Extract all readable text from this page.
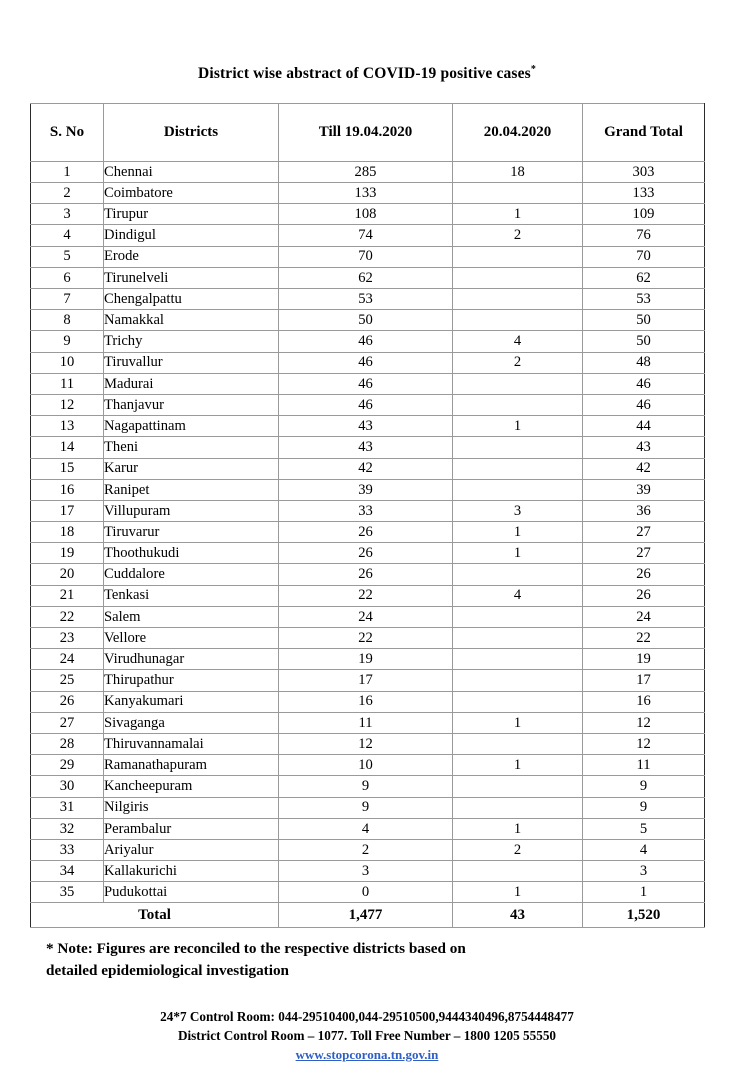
District wise abstract of COVID-19 positive cases*
S. No	Districts	Till 19.04.2020	20.04.2020	Grand Total
1	Chennai	285	18	303
2	Coimbatore	133		133
3	Tirupur	108	1	109
4	Dindigul	74	2	76
5	Erode	70		70
6	Tirunelveli	62		62
7	Chengalpattu	53		53
8	Namakkal	50		50
9	Trichy	46	4	50
10	Tiruvallur	46	2	48
11	Madurai	46		46
12	Thanjavur	46		46
13	Nagapattinam	43	1	44
14	Theni	43		43
15	Karur	42		42
16	Ranipet	39		39
17	Villupuram	33	3	36
18	Tiruvarur	26	1	27
19	Thoothukudi	26	1	27
20	Cuddalore	26		26
21	Tenkasi	22	4	26
22	Salem	24		24
23	Vellore	22		22
24	Virudhunagar	19		19
25	Thirupathur	17		17
26	Kanyakumari	16		16
27	Sivaganga	11	1	12
28	Thiruvannamalai	12		12
29	Ramanathapuram	10	1	11
30	Kancheepuram	9		9
31	Nilgiris	9		9
32	Perambalur	4	1	5
33	Ariyalur	2	2	4
34	Kallakurichi	3		3
35	Pudukottai	0	1	1
Total		1,477	43	1,520
* Note: Figures are reconciled to the respective districts based on
detailed epidemiological investigation
24*7 Control Room: 044-29510400,044-29510500,9444340496,8754448477
District Control Room – 1077. Toll Free Number – 1800 1205 55550
www.stopcorona.tn.gov.in
